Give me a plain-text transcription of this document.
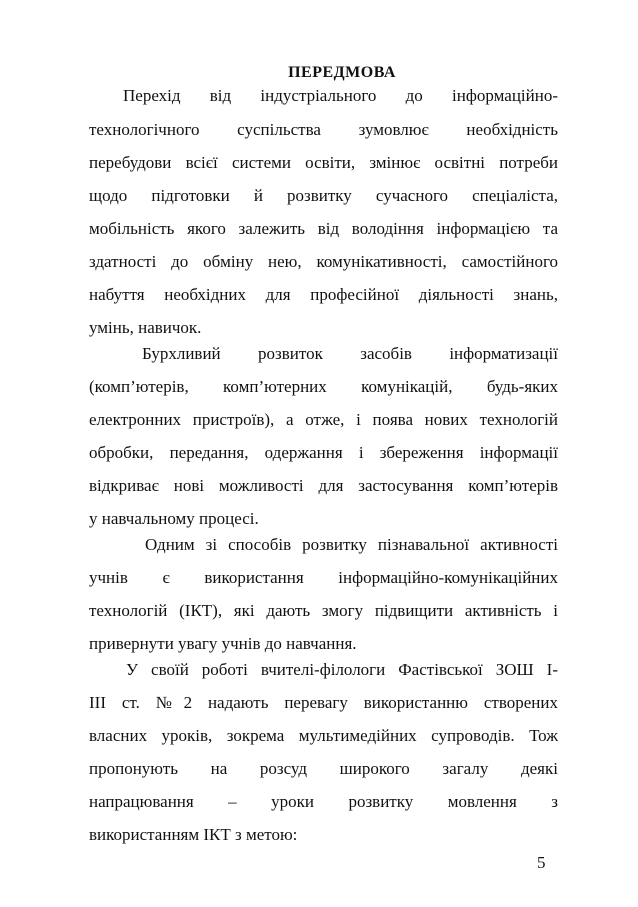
ПЕРЕДМОВА
Перехід від індустріального до інформаційно-
технологічного суспільства зумовлює необхідність
перебудови всієї системи освіти, змінює освітні потреби
щодо підготовки й розвитку сучасного спеціаліста,
мобільність якого залежить від володіння інформацією та
здатності до обміну нею, комунікативності, самостійного
набуття необхідних для професійної діяльності знань,
умінь, навичок.
Бурхливий розвиток засобів інформатизації
(комп’ютерів, комп’ютерних комунікацій, будь-яких
електронних пристроїв), а отже, і поява нових технологій
обробки, передання, одержання і збереження інформації
відкриває нові можливості для застосування комп’ютерів
у навчальному процесі.
Одним зі способів розвитку пізнавальної активності
учнів є використання інформаційно-комунікаційних
технологій (ІКТ), які дають змогу підвищити активність і
привернути увагу учнів до навчання.
У своїй роботі вчителі-філологи Фастівської ЗОШ І-
ІІІ ст. №2 надають перевагу використанню створених
власних уроків, зокрема мультимедійних супроводів. Тож
пропонують на розсуд широкого загалу деякі
напрацювання – уроки розвитку мовлення з
використанням ІКТ з метою:
5
